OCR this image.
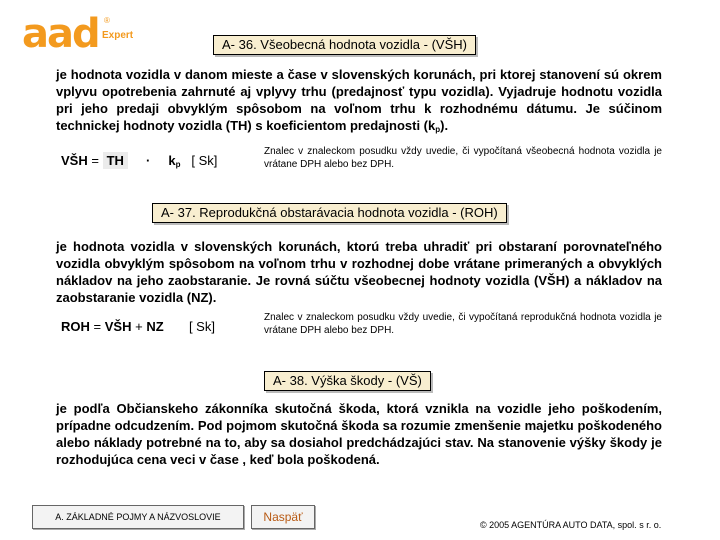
aad ®
Expert
A- 36. Všeobecná hodnota vozidla - (VŠH)
je hodnota vozidla v danom mieste a čase v slovenských korunách, pri ktorej stanovení sú okrem vplyvu opotrebenia zahrnuté aj vplyvy trhu (predajnosť typu vozidla). Vyjadruje hodnotu vozidla pri jeho predaji obvyklým spôsobom na voľnom trhu k rozhodnému dátumu. Je súčinom technickej hodnoty vozidla (TH) s koeficientom predajnosti $(k_p)$.
VŠH = TH · $k_p$ [ Sk]
Znalec v znaleckom posudku vždy uvedie, či vypočítaná všeobecná hodnota vozidla je vrátane DPH alebo bez DPH.
A- 37. Reprodukčná obstarávacia hodnota vozidla - (ROH)
je hodnota vozidla v slovenských korunách, ktorú treba uhradiť pri obstaraní porovnateľného vozidla obvyklým spôsobom na voľnom trhu v rozhodnej dobe vrátane primeraných a obvyklých nákladov na jeho zaobstaranie. Je rovná súčtu všeobecnej hodnoty vozidla (VŠH) a nákladov na zaobstaranie vozidla (NZ).
ROH = VŠH + NZ [ Sk]
Znalec v znaleckom posudku vždy uvedie, či vypočítaná reprodukčná hodnota vozidla je vrátane DPH alebo bez DPH.
A- 38. Výška škody - (VŠ)
je podľa Občianskeho zákonníka skutočná škoda, ktorá vznikla na vozidle jeho poškodením, prípadne odcudzením. Pod pojmom skutočná škoda sa rozumie zmenšenie majetku poškodeného alebo náklady potrebné na to, aby sa dosiahol predchádzajúci stav. Na stanovenie výšky škody je rozhodujúca cena veci v čase , keď bola poškodená.
A. ZÁKLADNÉ POJMY A NÁZVOSLOVIE	Naspäť
© 2005 AGENTÚRA AUTO DATA, spol. s r. o.
